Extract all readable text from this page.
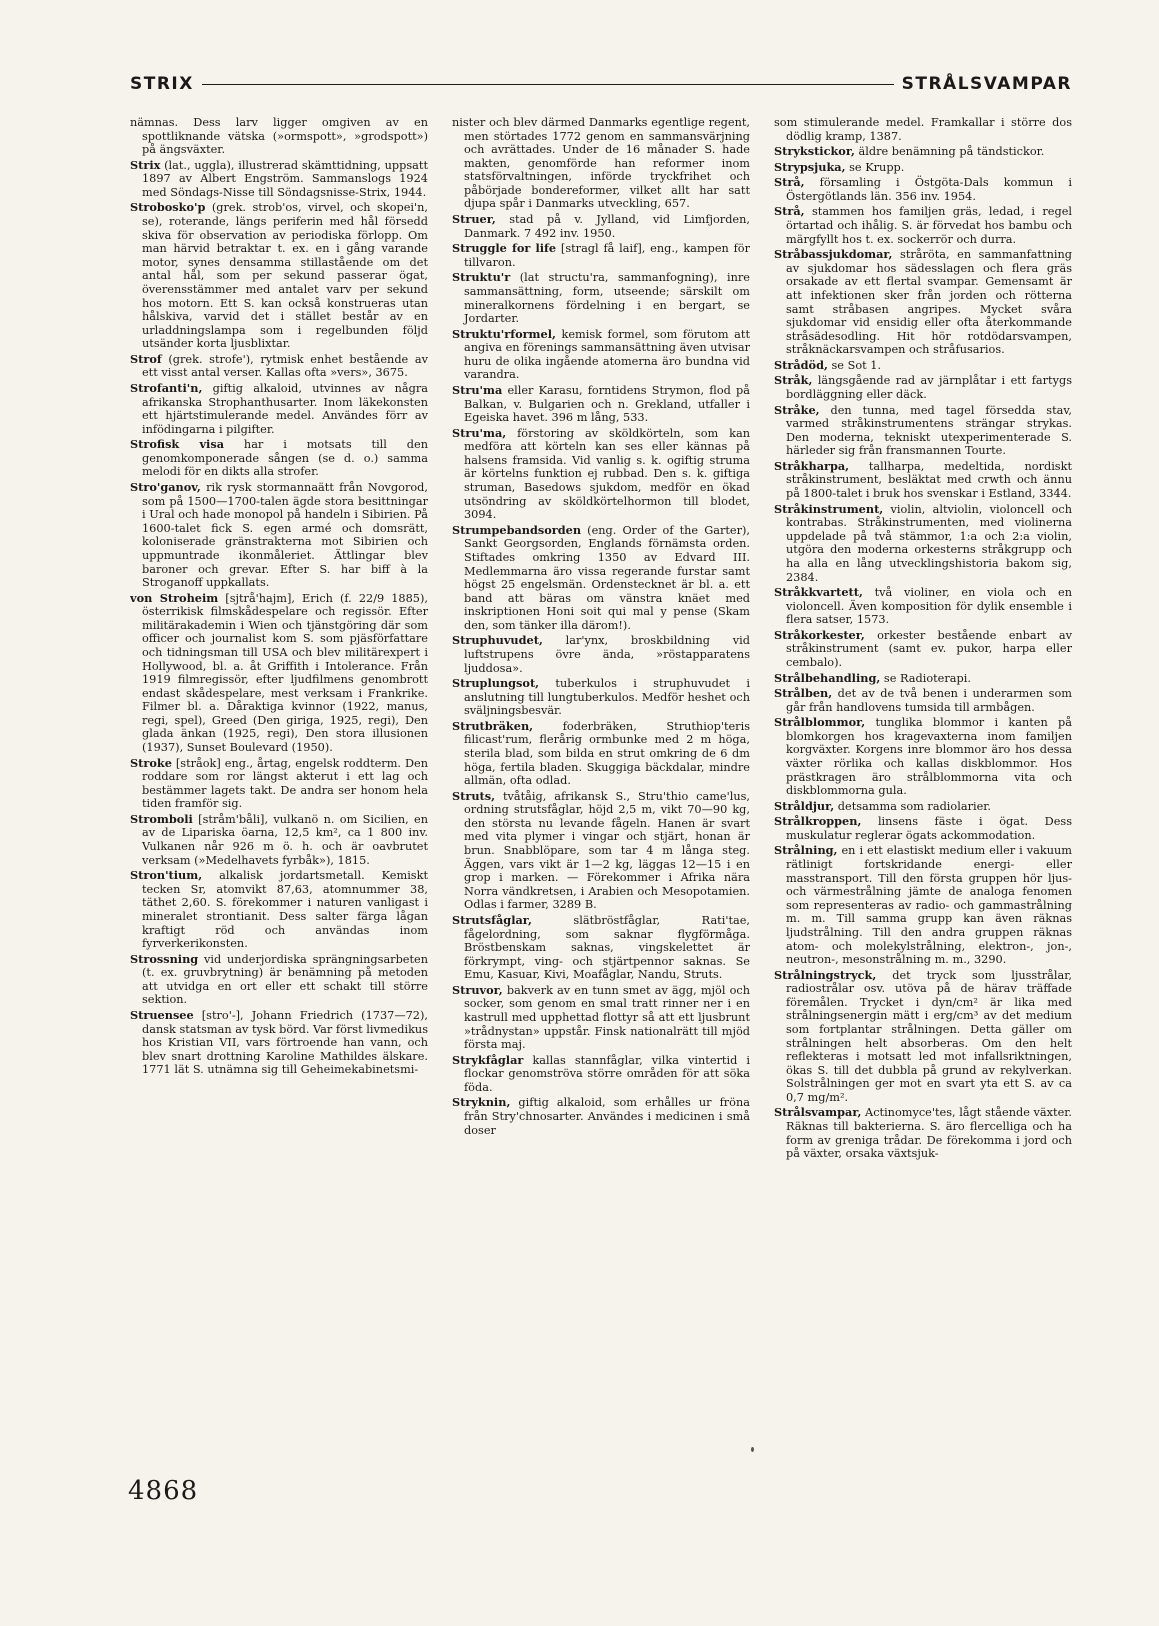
STRIX	STRÅLSVAMPAR

nämnas. Dess larv ligger omgiven av en spottliknande vätska (»ormspott», »grodspott») på ängsväxter.

Strix (lat., uggla), illustrerad skämttidning, uppsatt 1897 av Albert Engström. Sammanslogs 1924 med Söndags-Nisse till Söndagsnisse-Strix, 1944.

Strobosko'p (grek. strob'os, virvel, och skopei'n, se), roterande, längs periferin med hål försedd skiva för observation av periodiska förlopp. Om man härvid betraktar t. ex. en i gång varande motor, synes densamma stillastående om det antal hål, som per sekund passerar ögat, överensstämmer med antalet varv per sekund hos motorn. Ett S. kan också konstrueras utan hålskiva, varvid det i stället består av en urladdningslampa som i regelbunden följd utsänder korta ljusblixtar.

Strof (grek. strofe'), rytmisk enhet bestående av ett visst antal verser. Kallas ofta »vers», 3675.

Strofanti'n, giftig alkaloid, utvinnes av några afrikanska Strophanthusarter. Inom läkekonsten ett hjärtstimulerande medel. Användes förr av infödingarna i pilgifter.

Strofisk visa har i motsats till den genomkomponerade sången (se d. o.) samma melodi för en dikts alla strofer.

Stro'ganov, rik rysk stormannaätt från Novgorod, som på 1500—1700-talen ägde stora besittningar i Ural och hade monopol på handeln i Sibirien. På 1600-talet fick S. egen armé och domsrätt, koloniserade gränstrakterna mot Sibirien och uppmuntrade ikonmåleriet. Ättlingar blev baroner och grevar. Efter S. har biff à la Stroganoff uppkallats.

von Stroheim [sjtrå'hajm], Erich (f. 22/9 1885), österrikisk filmskådespelare och regissör. Efter militärakademin i Wien och tjänstgöring där som officer och journalist kom S. som pjäsförfattare och tidningsman till USA och blev militärexpert i Hollywood, bl. a. åt Griffith i Intolerance. Från 1919 filmregissör, efter ljudfilmens genombrott endast skådespelare, mest verksam i Frankrike. Filmer bl. a. Dåraktiga kvinnor (1922, manus, regi, spel), Greed (Den giriga, 1925, regi), Den glada änkan (1925, regi), Den stora illusionen (1937), Sunset Boulevard (1950).

Stroke [stråok] eng., årtag, engelsk roddterm. Den roddare som ror längst akterut i ett lag och bestämmer lagets takt. De andra ser honom hela tiden framför sig.

Stromboli [stråm'båli], vulkanö n. om Sicilien, en av de Lipariska öarna, 12,5 km², ca 1 800 inv. Vulkanen når 926 m ö. h. och är oavbrutet verksam (»Medelhavets fyrbåk»), 1815.

Stron'tium, alkalisk jordartsmetall. Kemiskt tecken Sr, atomvikt 87,63, atomnummer 38, täthet 2,60. S. förekommer i naturen vanligast i mineralet strontianit. Dess salter färga lågan kraftigt röd och användas inom fyrverkerikonsten.

Strossning vid underjordiska sprängningsarbeten (t. ex. gruvbrytning) är benämning på metoden att utvidga en ort eller ett schakt till större sektion.

Struensee [stro'-], Johann Friedrich (1737—72), dansk statsman av tysk börd. Var först livmedikus hos Kristian VII, vars förtroende han vann, och blev snart drottning Karoline Mathildes älskare. 1771 lät S. utnämna sig till Geheimekabinetsmi-

nister och blev därmed Danmarks egentlige regent, men störtades 1772 genom en sammansvärjning och avrättades. Under de 16 månader S. hade makten, genomförde han reformer inom statsförvaltningen, införde tryckfrihet och påbörjade bondereformer, vilket allt har satt djupa spår i Danmarks utveckling, 657.

Struer, stad på v. Jylland, vid Limfjorden, Danmark. 7 492 inv. 1950.

Struggle for life [stragl få laif], eng., kampen för tillvaron.

Struktu'r (lat structu'ra, sammanfogning), inre sammansättning, form, utseende; särskilt om mineralkornens fördelning i en bergart, se Jordarter.

Struktu'rformel, kemisk formel, som förutom att angiva en förenings sammansättning även utvisar huru de olika ingående atomerna äro bundna vid varandra.

Stru'ma eller Karasu, forntidens Strymon, flod på Balkan, v. Bulgarien och n. Grekland, utfaller i Egeiska havet. 396 m lång, 533.

Stru'ma, förstoring av sköldkörteln, som kan medföra att körteln kan ses eller kännas på halsens framsida. Vid vanlig s. k. ogiftig struma är körtelns funktion ej rubbad. Den s. k. giftiga struman, Basedows sjukdom, medför en ökad utsöndring av sköldkörtelhormon till blodet, 3094.

Strumpebandsorden (eng. Order of the Garter), Sankt Georgsorden, Englands förnämsta orden. Stiftades omkring 1350 av Edvard III. Medlemmarna äro vissa regerande furstar samt högst 25 engelsmän. Ordenstecknet är bl. a. ett band att bäras om vänstra knäet med inskriptionen Honi soit qui mal y pense (Skam den, som tänker illa därom!).

Struphuvudet, lar'ynx, broskbildning vid luftstrupens övre ända, »röstapparatens ljuddosa».

Struplungsot, tuberkulos i struphuvudet i anslutning till lungtuberkulos. Medför heshet och sväljningsbesvär.

Strutbräken, foderbräken, Struthiop'teris filicast'rum, flerårig ormbunke med 2 m höga, sterila blad, som bilda en strut omkring de 6 dm höga, fertila bladen. Skuggiga bäckdalar, mindre allmän, ofta odlad.

Struts, tvåtåig, afrikansk S., Stru'thio came'lus, ordning strutsfåglar, höjd 2,5 m, vikt 70—90 kg, den största nu levande fågeln. Hanen är svart med vita plymer i vingar och stjärt, honan är brun. Snabblöpare, som tar 4 m långa steg. Äggen, vars vikt är 1—2 kg, läggas 12—15 i en grop i marken. — Förekommer i Afrika nära Norra vändkretsen, i Arabien och Mesopotamien. Odlas i farmer, 3289 B.

Strutsfåglar, slätbröstfåglar, Rati'tae, fågelordning, som saknar flygförmåga. Bröstbenskam saknas, vingskelettet är förkrympt, ving- och stjärtpennor saknas. Se Emu, Kasuar, Kivi, Moafåglar, Nandu, Struts.

Struvor, bakverk av en tunn smet av ägg, mjöl och socker, som genom en smal tratt rinner ner i en kastrull med upphettad flottyr så att ett ljusbrunt »trådnystan» uppstår. Finsk nationalrätt till mjöd första maj.

Strykfåglar kallas stannfåglar, vilka vintertid i flockar genomströva större områden för att söka föda.

Stryknin, giftig alkaloid, som erhålles ur fröna från Stry'chnosarter. Användes i medicinen i små doser

som stimulerande medel. Framkallar i större dos dödlig kramp, 1387.

Strykstickor, äldre benämning på tändstickor.

Strypsjuka, se Krupp.

Strå, församling i Östgöta-Dals kommun i Östergötlands län. 356 inv. 1954.

Strå, stammen hos familjen gräs, ledad, i regel örtartad och ihålig. S. är förvedat hos bambu och märgfyllt hos t. ex. sockerrör och durra.

Stråbassjukdomar, stråröta, en sammanfattning av sjukdomar hos sädesslagen och flera gräs orsakade av ett flertal svampar. Gemensamt är att infektionen sker från jorden och rötterna samt stråbasen angripes. Mycket svåra sjukdomar vid ensidig eller ofta återkommande stråsädesodling. Hit hör rotdödarsvampen, stråknäckarsvampen och stråfusarios.

Strådöd, se Sot 1.

Stråk, längsgående rad av järnplåtar i ett fartygs bordläggning eller däck.

Stråke, den tunna, med tagel försedda stav, varmed stråkinstrumentens strängar strykas. Den moderna, tekniskt utexperimenterade S. härleder sig från fransmannen Tourte.

Stråkharpa, tallharpa, medeltida, nordiskt stråkinstrument, besläktat med crwth och ännu på 1800-talet i bruk hos svenskar i Estland, 3344.

Stråkinstrument, violin, altviolin, violoncell och kontrabas. Stråkinstrumenten, med violinerna uppdelade på två stämmor, 1:a och 2:a violin, utgöra den moderna orkesterns stråkgrupp och ha alla en lång utvecklingshistoria bakom sig, 2384.

Stråkkvartett, två violiner, en viola och en violoncell. Även komposition för dylik ensemble i flera satser, 1573.

Stråkorkester, orkester bestående enbart av stråkinstrument (samt ev. pukor, harpa eller cembalo).

Strålbehandling, se Radioterapi.

Strålben, det av de två benen i underarmen som går från handlovens tumsida till armbågen.

Strålblommor, tunglika blommor i kanten på blomkorgen hos kragevaxterna inom familjen korgväxter. Korgens inre blommor äro hos dessa växter rörlika och kallas diskblommor. Hos prästkragen äro strålblommorna vita och diskblommorna gula.

Stråldjur, detsamma som radiolarier.

Strålkroppen, linsens fäste i ögat. Dess muskulatur reglerar ögats ackommodation.

Strålning, en i ett elastiskt medium eller i vakuum rätlinigt fortskridande energi- eller masstransport. Till den första gruppen hör ljus- och värmestrålning jämte de analoga fenomen som representeras av radio- och gammastrålning m. m. Till samma grupp kan även räknas ljudstrålning. Till den andra gruppen räknas atom- och molekylstrålning, elektron-, jon-, neutron-, mesonstrålning m. m., 3290.

Strålningstryck, det tryck som ljusstrålar, radiostrålar osv. utöva på de härav träffade föremålen. Trycket i dyn/cm² är lika med strålningsenergin mätt i erg/cm³ av det medium som fortplantar strålningen. Detta gäller om strålningen helt absorberas. Om den helt reflekteras i motsatt led mot infallsriktningen, ökas S. till det dubbla på grund av rekylverkan. Solstrålningen ger mot en svart yta ett S. av ca 0,7 mg/m².

Strålsvampar, Actinomyce'tes, lågt stående växter. Räknas till bakterierna. S. äro flercelliga och ha form av greniga trådar. De förekomma i jord och på växter, orsaka växtsjuk-

4868
